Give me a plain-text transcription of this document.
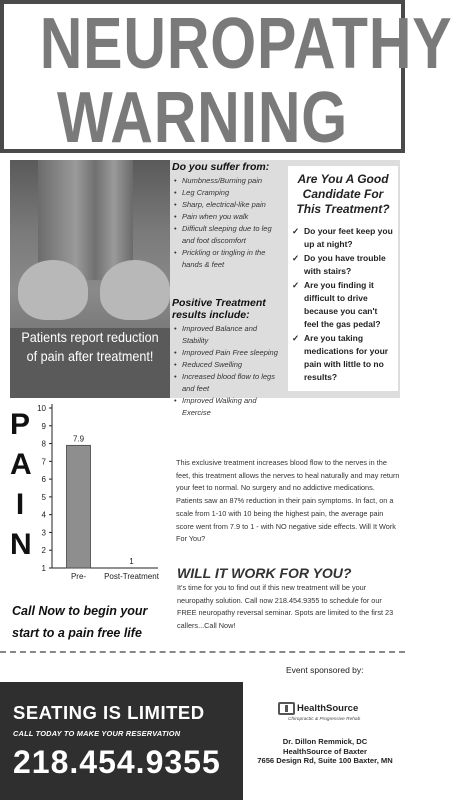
NEUROPATHY
WARNING
Patients report reduction
of pain after treatment!
Do you suffer from:
• Numbness/Burning pain
• Leg Cramping
• Sharp, electrical-like pain
• Pain when you walk
• Difficult sleeping due to leg and foot discomfort
• Prickling or tingling in the hands & feet
Positive Treatment results include:
• Improved Balance and Stability
• Improved Pain Free sleeping
• Reduced Swelling
• Increased blood flow to legs and feet
• Improved Walking and Exercise
Are You A Good
Candidate For
This Treatment?
✓ Do your feet keep you up at night?
✓ Do you have trouble with stairs?
✓ Are you finding it difficult to drive because you can't feel the gas pedal?
✓ Are you taking medications for your pain with little to no results?
P
A
I
N
10
9
8
7
6
5
4
3
2
1
7.9
Pre-
1
Post-Treatment
This exclusive treatment increases blood flow to the nerves in the feet, this treatment allows the nerves to heal naturally and may return your feet to normal. No surgery and no addictive medications. Patients saw an 87% reduction in their pain symptoms. In fact, on a scale from 1-10 with 10 being the highest pain, the average pain score went from 7.9 to 1 - with NO negative side effects. Will It Work For You?
WILL IT WORK FOR YOU?
It's time for you to find out if this new treatment will be your neuropathy solution. Call now 218.454.9355 to schedule for our FREE neuropathy reversal seminar. Spots are limited to the first 23 callers...Call Now!
Call Now to begin your
start to a pain free life
SEATING IS LIMITED
CALL TODAY TO MAKE YOUR RESERVATION
218.454.9355
Event sponsored by:
HealthSource
Chiropractic & Progressive Rehab
Dr. Dillon Remmick, DC
HealthSource of Baxter
7656 Design Rd, Suite 100 Baxter, MN
